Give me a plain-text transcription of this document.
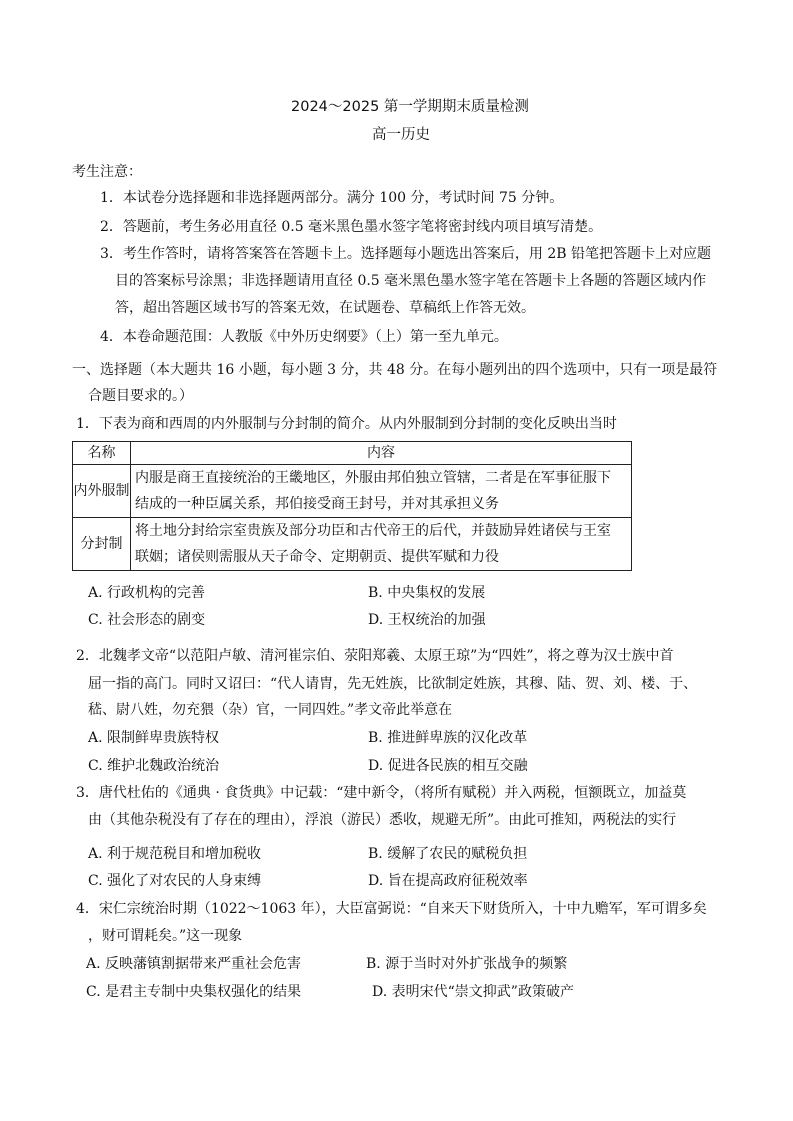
2024～2025 第一学期期末质量检测
高一历史
考生注意：
1．本试卷分选择题和非选择题两部分。满分 100 分，考试时间 75 分钟。
2．答题前，考生务必用直径 0.5 毫米黑色墨水签字笔将密封线内项目填写清楚。
3．考生作答时，请将答案答在答题卡上。选择题每小题选出答案后，用 2B 铅笔把答题卡上对应题
目的答案标号涂黑；非选择题请用直径 0.5 毫米黑色墨水签字笔在答题卡上各题的答题区域内作
答，超出答题区域书写的答案无效，在试题卷、草稿纸上作答无效。
4．本卷命题范围：人教版《中外历史纲要》（上）第一至九单元。
一、选择题（本大题共 16 小题，每小题 3 分，共 48 分。在每小题列出的四个选项中，只有一项是最符
合题目要求的。）
1．下表为商和西周的内外服制与分封制的简介。从内外服制到分封制的变化反映出当时
名称	内容
内外服制	内服是商王直接统治的王畿地区，外服由邦伯独立管辖，二者是在军事征服下
结成的一种臣属关系，邦伯接受商王封号，并对其承担义务

分封制	将土地分封给宗室贵族及部分功臣和古代帝王的后代，并鼓励异姓诸侯与王室
联姻；诸侯则需服从天子命令、定期朝贡、提供军赋和力役
A. 行政机构的完善	B. 中央集权的发展
C. 社会形态的剧变	D. 王权统治的加强
2．北魏孝文帝“以范阳卢敏、清河崔宗伯、荥阳郑羲、太原王琼”为“四姓”，将之尊为汉士族中首
屈一指的高门。同时又诏曰：“代人请胄，先无姓族，比欲制定姓族，其穆、陆、贺、刘、楼、于、
嵇、尉八姓，勿充猥（杂）官，一同四姓。”孝文帝此举意在
A. 限制鲜卑贵族特权	B. 推进鲜卑族的汉化改革
C. 维护北魏政治统治	D. 促进各民族的相互交融
3．唐代杜佑的《通典 · 食货典》中记载：“建中新令，（将所有赋税）并入两税，恒额既立，加益莫
由（其他杂税没有了存在的理由），浮浪（游民）悉收，规避无所”。由此可推知，两税法的实行
A. 利于规范税目和增加税收	B. 缓解了农民的赋税负担
C. 强化了对农民的人身束缚	D. 旨在提高政府征税效率
4．宋仁宗统治时期（1022～1063 年），大臣富弼说：“自来天下财货所入，十中九赡军，军可谓多矣
，财可谓耗矣。”这一现象
A. 反映藩镇割据带来严重社会危害	B. 源于当时对外扩张战争的频繁
C. 是君主专制中央集权强化的结果	D. 表明宋代“崇文抑武”政策破产
